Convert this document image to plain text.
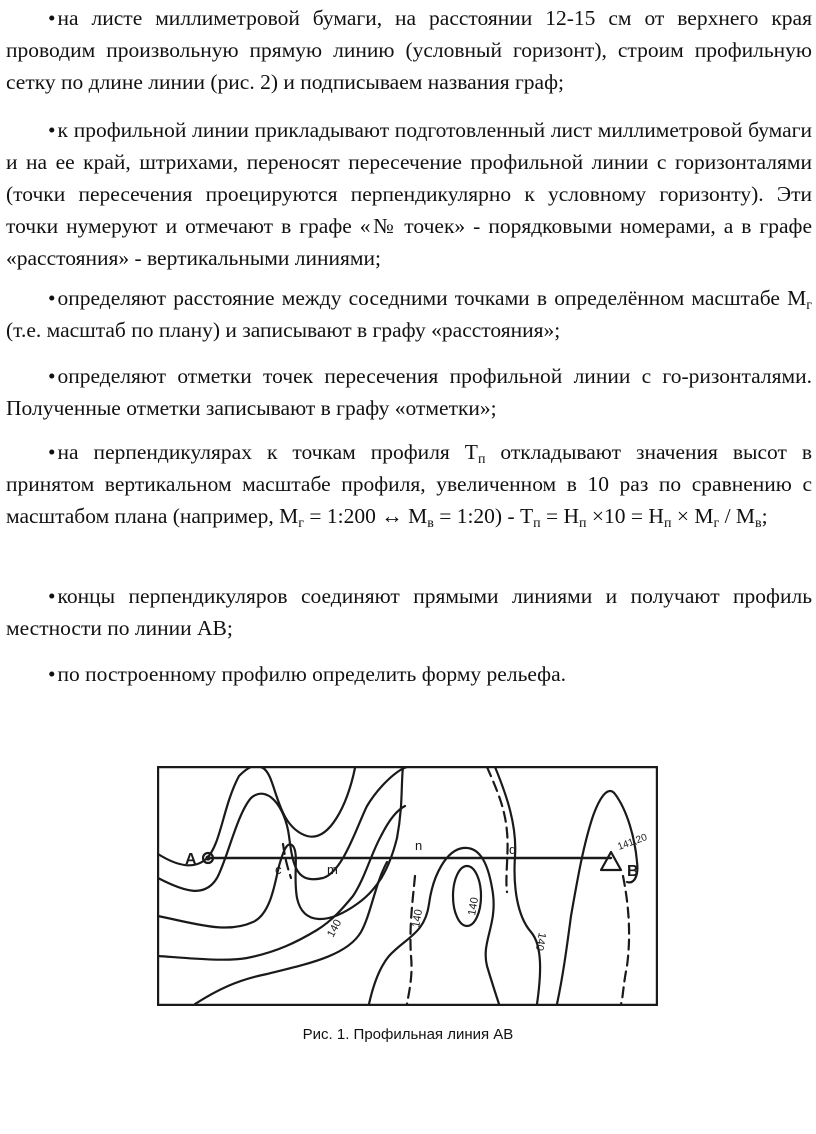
•на листе миллиметровой бумаги, на расстоянии 12-15 см от верхнего края проводим произвольную прямую линию (условный горизонт), строим профильную сетку по длине линии (рис. 2) и подписываем названия граф;

•к профильной линии прикладывают подготовленный лист миллиметровой бумаги и на ее край, штрихами, переносят пересечение профильной линии с горизонталями (точки пересечения проецируются перпендикулярно к условному горизонту). Эти точки нумеруют и отмечают в графе «№ точек» - порядковыми номерами, а в графе «расстояния» - вертикальными линиями;

•определяют расстояние между соседними точками в определённом масштабе $М_г$ (т.е. масштаб по плану) и записывают в графу «расстояния»;

•определяют отметки точек пересечения профильной линии с го-ризонталями. Полученные отметки записывают в графу «отметки»;

•на перпендикулярах к точкам профиля $Т_п$ откладывают значения высот в принятом вертикальном масштабе профиля, увеличенном в 10 раз по сравнению с масштабом плана (например, $М_г$ = 1:200 ↔ $М_в$ = 1:20) - $Т_п = Н_п \times 10 = Н_п \times М_г / М_в$;

•концы перпендикуляров соединяют прямыми линиями и получают профиль местности по линии АВ;

•по построенному профилю определить форму рельефа.

A
B
c	m
n	d	141,20
140	140
140
140
Рис. 1. Профильная линия АВ
